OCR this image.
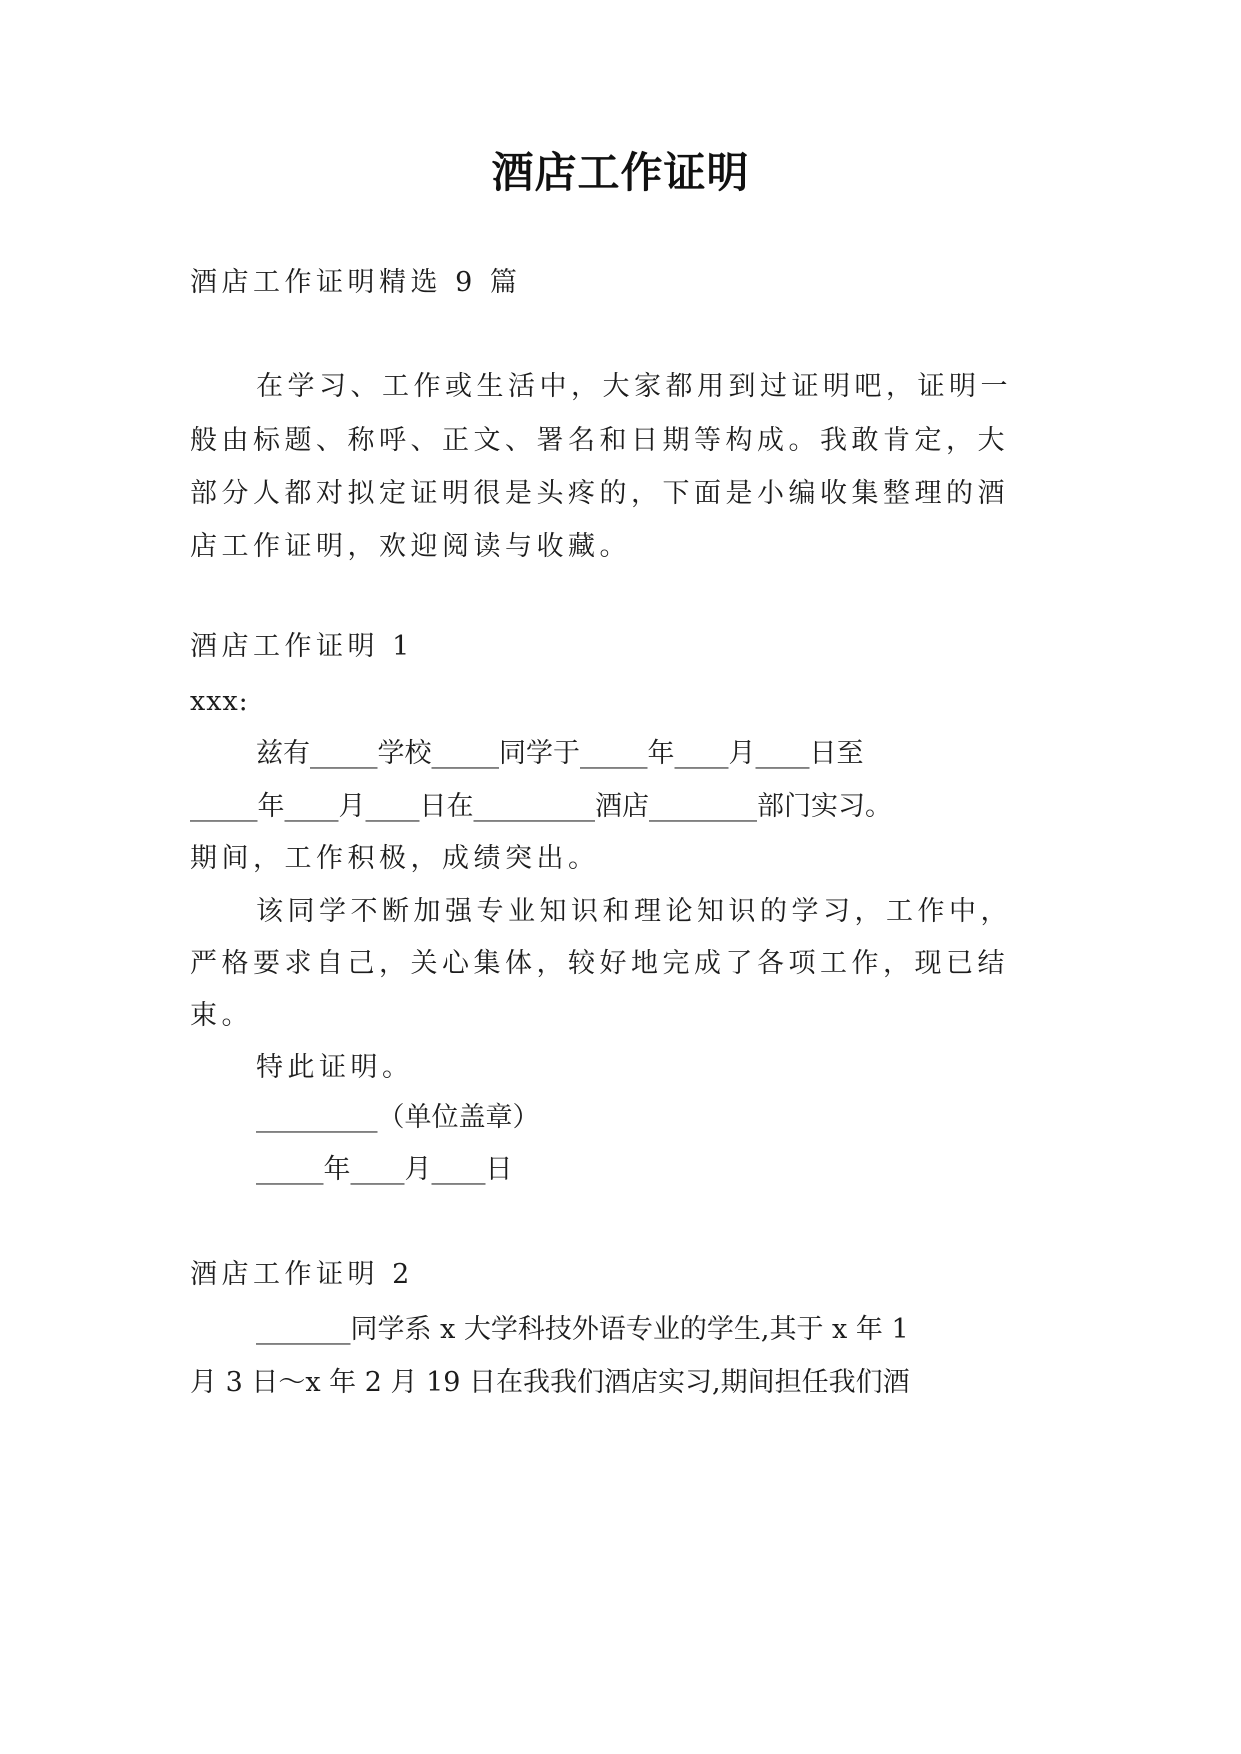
酒店工作证明
酒店工作证明精选 9 篇
在学习、工作或生活中，大家都用到过证明吧，证明一
般由标题、称呼、正文、署名和日期等构成。我敢肯定，大
部分人都对拟定证明很是头疼的，下面是小编收集整理的酒
店工作证明，欢迎阅读与收藏。
酒店工作证明 1
xxx:
兹有_____学校_____同学于_____年____月____日至
_____年____月____日在_________酒店________部门实习。
期间，工作积极，成绩突出。
该同学不断加强专业知识和理论知识的学习，工作中，
严格要求自己，关心集体，较好地完成了各项工作，现已结
束。
特此证明。
_________（单位盖章）
_____年____月____日
酒店工作证明 2
_______同学系 x 大学科技外语专业的学生,其于 x 年 1
月 3 日～x 年 2 月 19 日在我我们酒店实习,期间担任我们酒
